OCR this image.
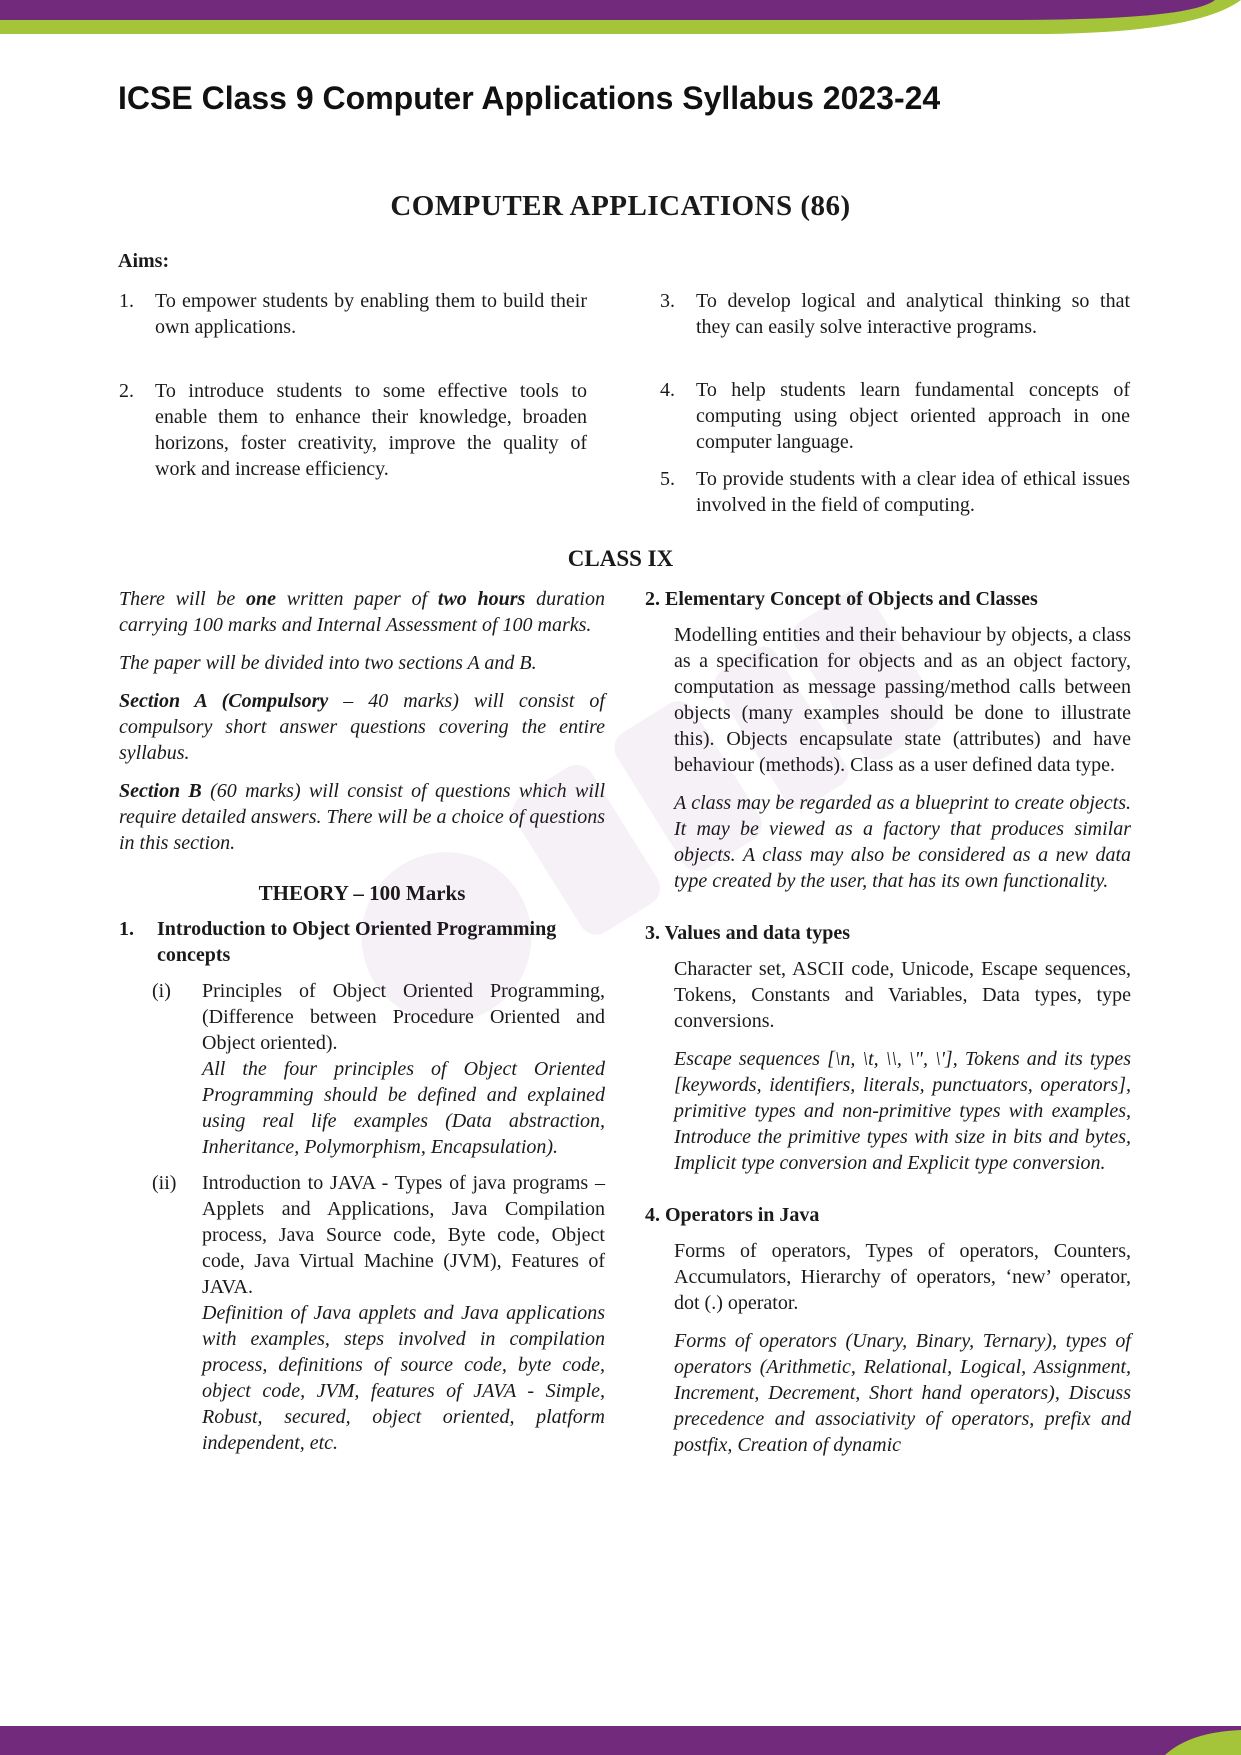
ICSE Class 9 Computer Applications Syllabus 2023-24
COMPUTER APPLICATIONS (86)
Aims:
1. To empower students by enabling them to build their own applications.
2. To introduce students to some effective tools to enable them to enhance their knowledge, broaden horizons, foster creativity, improve the quality of work and increase efficiency.
3. To develop logical and analytical thinking so that they can easily solve interactive programs.
4. To help students learn fundamental concepts of computing using object oriented approach in one computer language.
5. To provide students with a clear idea of ethical issues involved in the field of computing.
CLASS IX

There will be one written paper of two hours duration carrying 100 marks and Internal Assessment of 100 marks.

The paper will be divided into two sections A and B.

Section A (Compulsory – 40 marks) will consist of compulsory short answer questions covering the entire syllabus.

Section B (60 marks) will consist of questions which will require detailed answers. There will be a choice of questions in this section.

THEORY – 100 Marks
1. Introduction to Object Oriented Programming concepts
(i) Principles of Object Oriented Programming, (Difference between Procedure Oriented and Object oriented).

All the four principles of Object Oriented Programming should be defined and explained using real life examples (Data abstraction, Inheritance, Polymorphism, Encapsulation).

(ii) Introduction to JAVA - Types of java programs – Applets and Applications, Java Compilation process, Java Source code, Byte code, Object code, Java Virtual Machine (JVM), Features of JAVA.

Definition of Java applets and Java applications with examples, steps involved in compilation process, definitions of source code, byte code, object code, JVM, features of JAVA - Simple, Robust, secured, object oriented, platform independent, etc.

2. Elementary Concept of Objects and Classes

Modelling entities and their behaviour by objects, a class as a specification for objects and as an object factory, computation as message passing/method calls between objects (many examples should be done to illustrate this). Objects encapsulate state (attributes) and have behaviour (methods). Class as a user defined data type.

A class may be regarded as a blueprint to create objects. It may be viewed as a factory that produces similar objects. A class may also be considered as a new data type created by the user, that has its own functionality.

3. Values and data types

Character set, ASCII code, Unicode, Escape sequences, Tokens, Constants and Variables, Data types, type conversions.

Escape sequences [\n, \t, \\, \", \'], Tokens and its types [keywords, identifiers, literals, punctuators, operators], primitive types and non-primitive types with examples, Introduce the primitive types with size in bits and bytes, Implicit type conversion and Explicit type conversion.

4. Operators in Java

Forms of operators, Types of operators, Counters, Accumulators, Hierarchy of operators, ‘new’ operator, dot (.) operator.

Forms of operators (Unary, Binary, Ternary), types of operators (Arithmetic, Relational, Logical, Assignment, Increment, Decrement, Short hand operators), Discuss precedence and associativity of operators, prefix and postfix, Creation of dynamic
